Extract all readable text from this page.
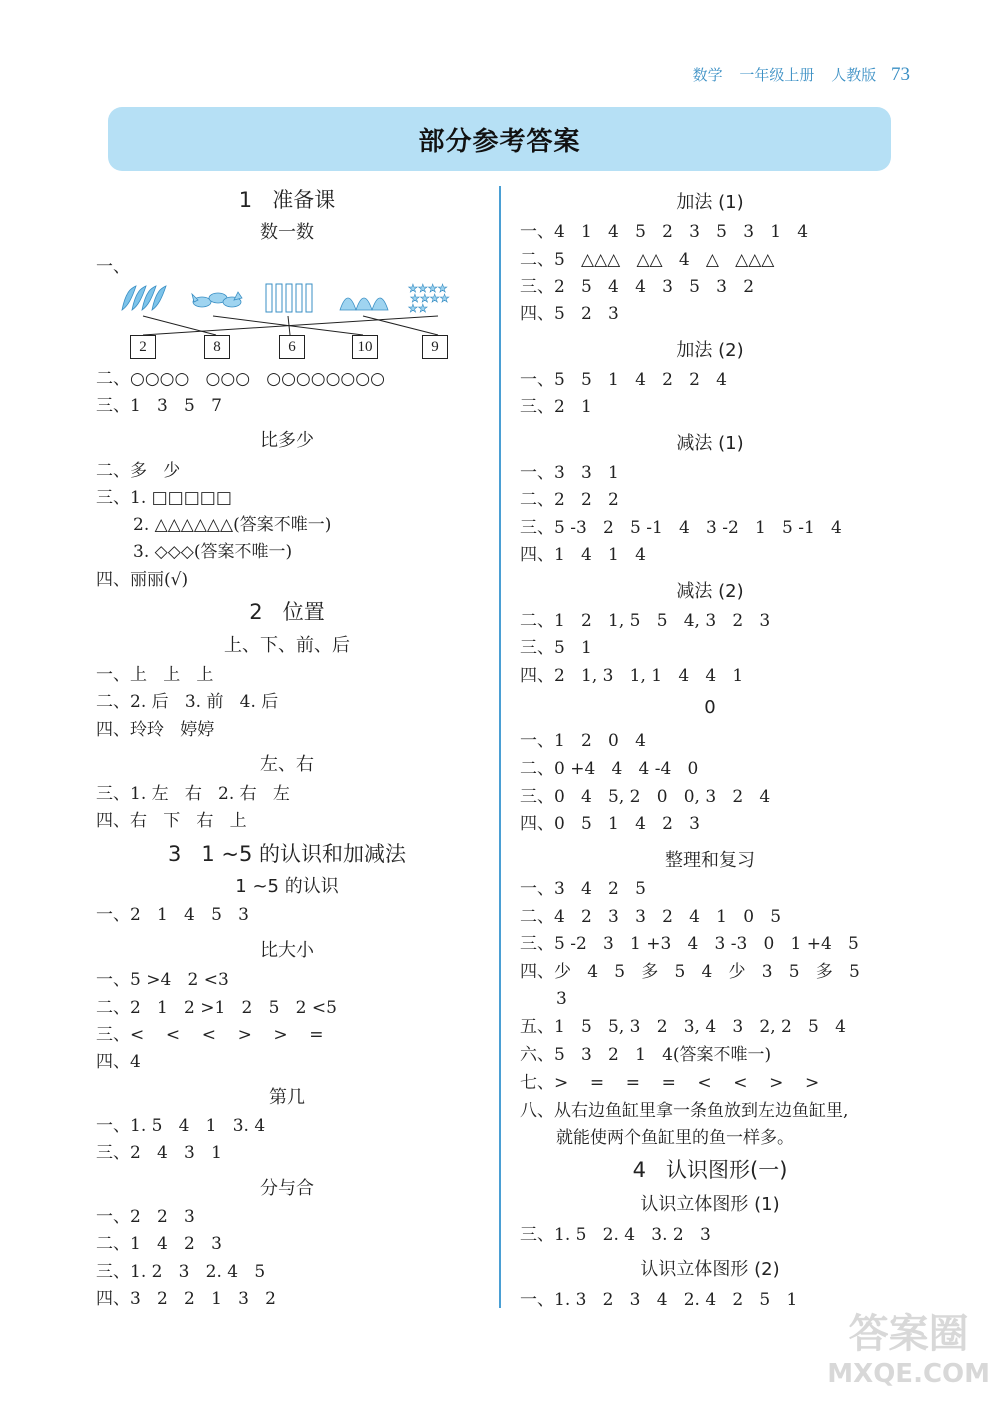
数学 一年级上册 人教版 73
部分参考答案
1   准备课
数一数
一、
★★★★
★★★★
★★
2	8	6	10	9
二、○○○○   ○○○   ○○○○○○○○
三、1   3   5   7
比多少
二、多   少
三、1. □□□□□
2. △△△△△△(答案不唯一)
3. ◇◇◇(答案不唯一)
四、丽丽(√)
2   位置
上、下、前、后
一、上   上   上
二、2. 后   3. 前   4. 后
四、玲玲   婷婷
左、右
三、1. 左   右   2. 右   左
四、右   下   右   上
3   1 ~5 的认识和加减法
1 ~5 的认识
一、2   1   4   5   3
比大小
一、5 >4   2 <3
二、2   1   2 >1   2   5   2 <5
三、<    <    <    >    >    =
四、4
第几
一、1. 5   4   1   3. 4
三、2   4   3   1
分与合
一、2   2   3
二、1   4   2   3
三、1. 2   3   2. 4   5
四、3   2   2   1   3   2
加法 (1)
一、4   1   4   5   2   3   5   3   1   4
二、5   △△△   △△   4   △   △△△
三、2   5   4   4   3   5   3   2
四、5   2   3
加法 (2)
一、5   5   1   4   2   2   4
三、2   1
减法 (1)
一、3   3   1
二、2   2   2
三、5 -3   2   5 -1   4   3 -2   1   5 -1   4
四、1   4   1   4
减法 (2)
二、1   2   1, 5   5   4, 3   2   3
三、5   1
四、2   1, 3   1, 1   4   4   1
0
一、1   2   0   4
二、0 +4   4   4 -4   0
三、0   4   5, 2   0   0, 3   2   4
四、0   5   1   4   2   3
整理和复习
一、3   4   2   5
二、4   2   3   3   2   4   1   0   5
三、5 -2   3   1 +3   4   3 -3   0   1 +4   5
四、少   4   5   多   5   4   少   3   5   多   5
3
五、1   5   5, 3   2   3, 4   3   2, 2   5   4
六、5   3   2   1   4(答案不唯一)
七、>    =    =    =    <    <    >    >
八、从右边鱼缸里拿一条鱼放到左边鱼缸里,
就能使两个鱼缸里的鱼一样多。
4   认识图形(一)
认识立体图形 (1)
三、1. 5   2. 4   3. 2   3
认识立体图形 (2)
一、1. 3   2   3   4   2. 4   2   5   1
答案圈
MXQE.COM
